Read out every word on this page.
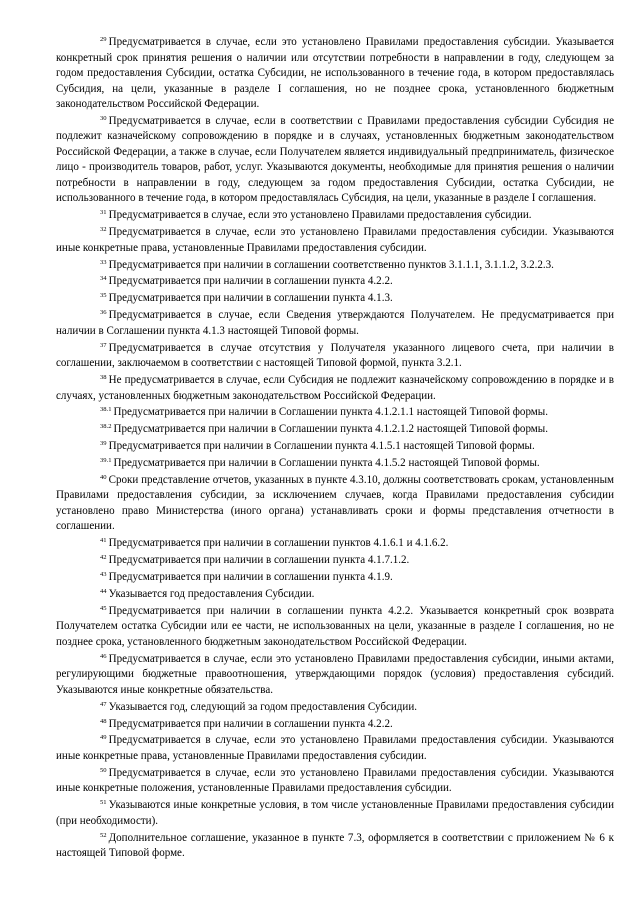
$^{29}$ Предусматривается в случае, если это установлено Правилами предоставления субсидии. Указывается конкретный срок принятия решения о наличии или отсутствии потребности в направлении в году, следующем за годом предоставления Субсидии, остатка Субсидии, не использованного в течение года, в котором предоставлялась Субсидия, на цели, указанные в разделе I соглашения, но не позднее срока, установленного бюджетным законодательством Российской Федерации.

$^{30}$ Предусматривается в случае, если в соответствии с Правилами предоставления субсидии Субсидия не подлежит казначейскому сопровождению в порядке и в случаях, установленных бюджетным законодательством Российской Федерации, а также в случае, если Получателем является индивидуальный предприниматель, физическое лицо - производитель товаров, работ, услуг. Указываются документы, необходимые для принятия решения о наличии потребности в направлении в году, следующем за годом предоставления Субсидии, остатка Субсидии, не использованного в течение года, в котором предоставлялась Субсидия, на цели, указанные в разделе I соглашения.

$^{31}$ Предусматривается в случае, если это установлено Правилами предоставления субсидии.

$^{32}$ Предусматривается в случае, если это установлено Правилами предоставления субсидии. Указываются иные конкретные права, установленные Правилами предоставления субсидии.

$^{33}$ Предусматривается при наличии в соглашении соответственно пунктов 3.1.1.1, 3.1.1.2, 3.2.2.3.

$^{34}$ Предусматривается при наличии в соглашении пункта 4.2.2.

$^{35}$ Предусматривается при наличии в соглашении пункта 4.1.3.

$^{36}$ Предусматривается в случае, если Сведения утверждаются Получателем. Не предусматривается при наличии в Соглашении пункта 4.1.3 настоящей Типовой формы.

$^{37}$ Предусматривается в случае отсутствия у Получателя указанного лицевого счета, при наличии в соглашении, заключаемом в соответствии с настоящей Типовой формой, пункта 3.2.1.

$^{38}$ Не предусматривается в случае, если Субсидия не подлежит казначейскому сопровождению в порядке и в случаях, установленных бюджетным законодательством Российской Федерации.

$^{38.1}$ Предусматривается при наличии в Соглашении пункта 4.1.2.1.1 настоящей Типовой формы.

$^{38.2}$ Предусматривается при наличии в Соглашении пункта 4.1.2.1.2 настоящей Типовой формы.

$^{39}$ Предусматривается при наличии в Соглашении пункта 4.1.5.1 настоящей Типовой формы.

$^{39.1}$ Предусматривается при наличии в Соглашении пункта 4.1.5.2 настоящей Типовой формы.

$^{40}$ Сроки представление отчетов, указанных в пункте 4.3.10, должны соответствовать срокам, установленным Правилами предоставления субсидии, за исключением случаев, когда Правилами предоставления субсидии установлено право Министерства (иного органа) устанавливать сроки и формы представления отчетности в соглашении.

$^{41}$ Предусматривается при наличии в соглашении пунктов 4.1.6.1 и 4.1.6.2.

$^{42}$ Предусматривается при наличии в соглашении пункта 4.1.7.1.2.

$^{43}$ Предусматривается при наличии в соглашении пункта 4.1.9.

$^{44}$ Указывается год предоставления Субсидии.

$^{45}$ Предусматривается при наличии в соглашении пункта 4.2.2. Указывается конкретный срок возврата Получателем остатка Субсидии или ее части, не использованных на цели, указанные в разделе I соглашения, но не позднее срока, установленного бюджетным законодательством Российской Федерации.

$^{46}$ Предусматривается в случае, если это установлено Правилами предоставления субсидии, иными актами, регулирующими бюджетные правоотношения, утверждающими порядок (условия) предоставления субсидий. Указываются иные конкретные обязательства.

$^{47}$ Указывается год, следующий за годом предоставления Субсидии.

$^{48}$ Предусматривается при наличии в соглашении пункта 4.2.2.

$^{49}$ Предусматривается в случае, если это установлено Правилами предоставления субсидии. Указываются иные конкретные права, установленные Правилами предоставления субсидии.

$^{50}$ Предусматривается в случае, если это установлено Правилами предоставления субсидии. Указываются иные конкретные положения, установленные Правилами предоставления субсидии.

$^{51}$ Указываются иные конкретные условия, в том числе установленные Правилами предоставления субсидии (при необходимости).

$^{52}$ Дополнительное соглашение, указанное в пункте 7.3, оформляется в соответствии с приложением № 6 к настоящей Типовой форме.
